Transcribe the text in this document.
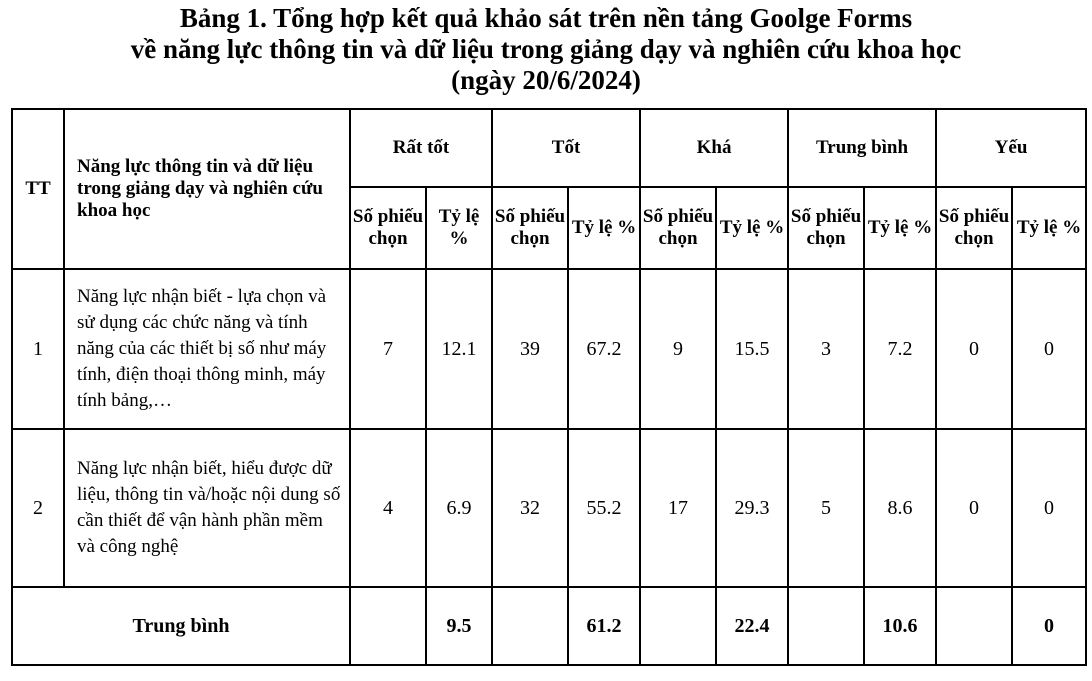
Bảng 1. Tổng hợp kết quả khảo sát trên nền tảng Goolge Forms
về năng lực thông tin và dữ liệu trong giảng dạy và nghiên cứu khoa học
(ngày 20/6/2024)
TT	Năng lực thông tin và dữ liệu trong giảng dạy và nghiên cứu khoa học	Rất tốt		Tốt		Khá		Trung bình		Yếu	
		Số phiếu chọn	Tỷ lệ %	Số phiếu chọn	Tỷ lệ %	Số phiếu chọn	Tỷ lệ %	Số phiếu chọn	Tỷ lệ %	Số phiếu chọn	Tỷ lệ %
1	Năng lực nhận biết - lựa chọn và sử dụng các chức năng và tính năng của các thiết bị số như máy tính, điện thoại thông minh, máy tính bảng,…	7	12.1	39	67.2	9	15.5	3	7.2	0	0
2	Năng lực nhận biết, hiểu được dữ liệu, thông tin và/hoặc nội dung số cần thiết để vận hành phần mềm và công nghệ	4	6.9	32	55.2	17	29.3	5	8.6	0	0
Trung bình			9.5		61.2		22.4		10.6		0
